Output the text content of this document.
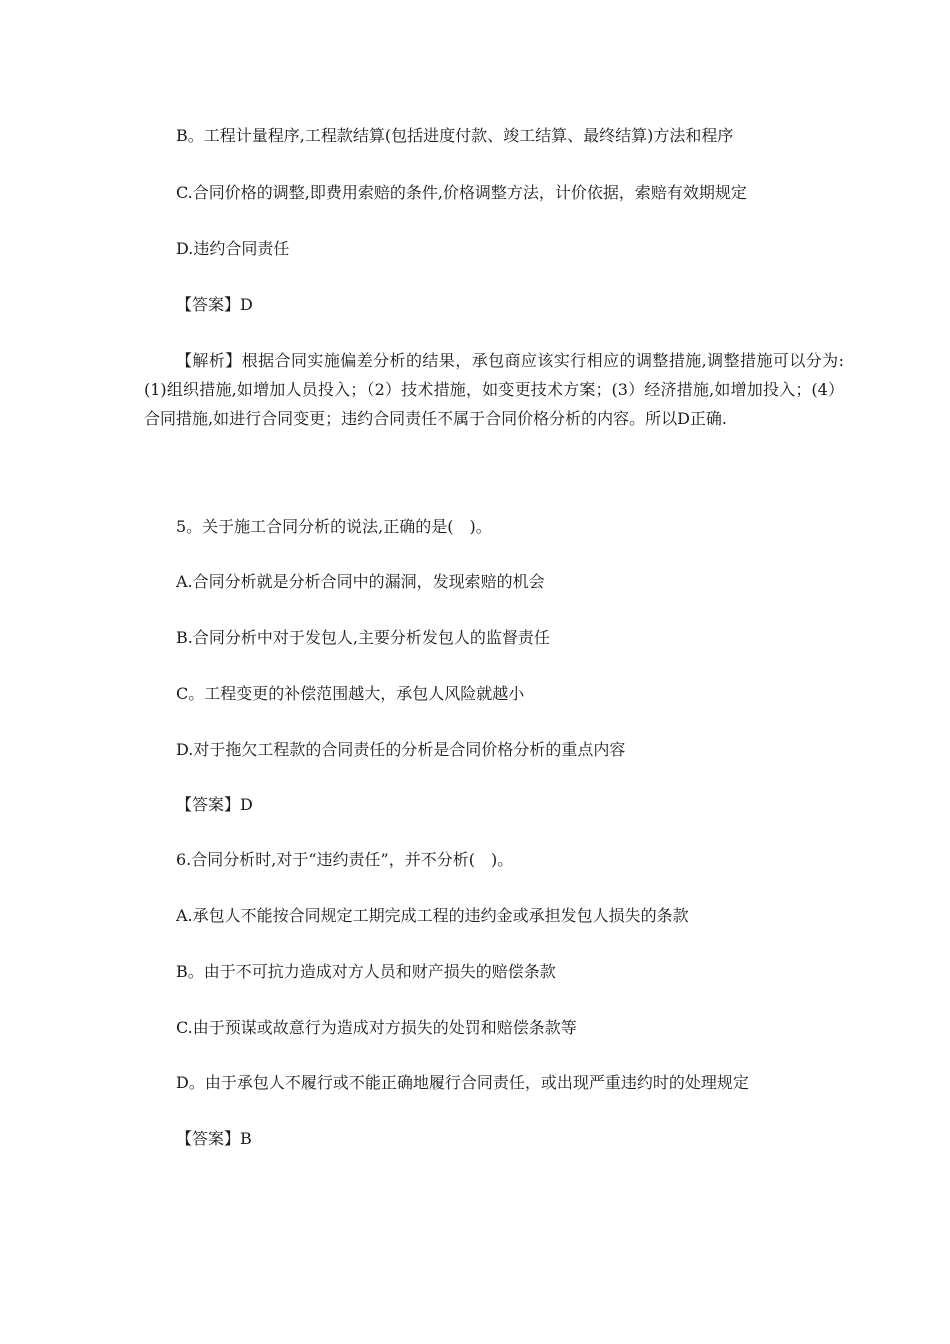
B。工程计量程序,工程款结算(包括进度付款、竣工结算、最终结算)方法和程序

C.合同价格的调整,即费用索赔的条件,价格调整方法，计价依据，索赔有效期规定

D.违约合同责任

【答案】D

【解析】根据合同实施偏差分析的结果，承包商应该实行相应的调整措施,调整措施可以分为:(1)组织措施,如增加人员投入；（2）技术措施，如变更技术方案；(3）经济措施,如增加投入；(4）合同措施,如进行合同变更；违约合同责任不属于合同价格分析的内容。所以D正确.

5。关于施工合同分析的说法,正确的是(　)。

A.合同分析就是分析合同中的漏洞，发现索赔的机会

B.合同分析中对于发包人,主要分析发包人的监督责任

C。工程变更的补偿范围越大，承包人风险就越小

D.对于拖欠工程款的合同责任的分析是合同价格分析的重点内容

【答案】D

6.合同分析时,对于“违约责任”，并不分析(　)。

A.承包人不能按合同规定工期完成工程的违约金或承担发包人损失的条款

B。由于不可抗力造成对方人员和财产损失的赔偿条款

C.由于预谋或故意行为造成对方损失的处罚和赔偿条款等

D。由于承包人不履行或不能正确地履行合同责任，或出现严重违约时的处理规定

【答案】B
